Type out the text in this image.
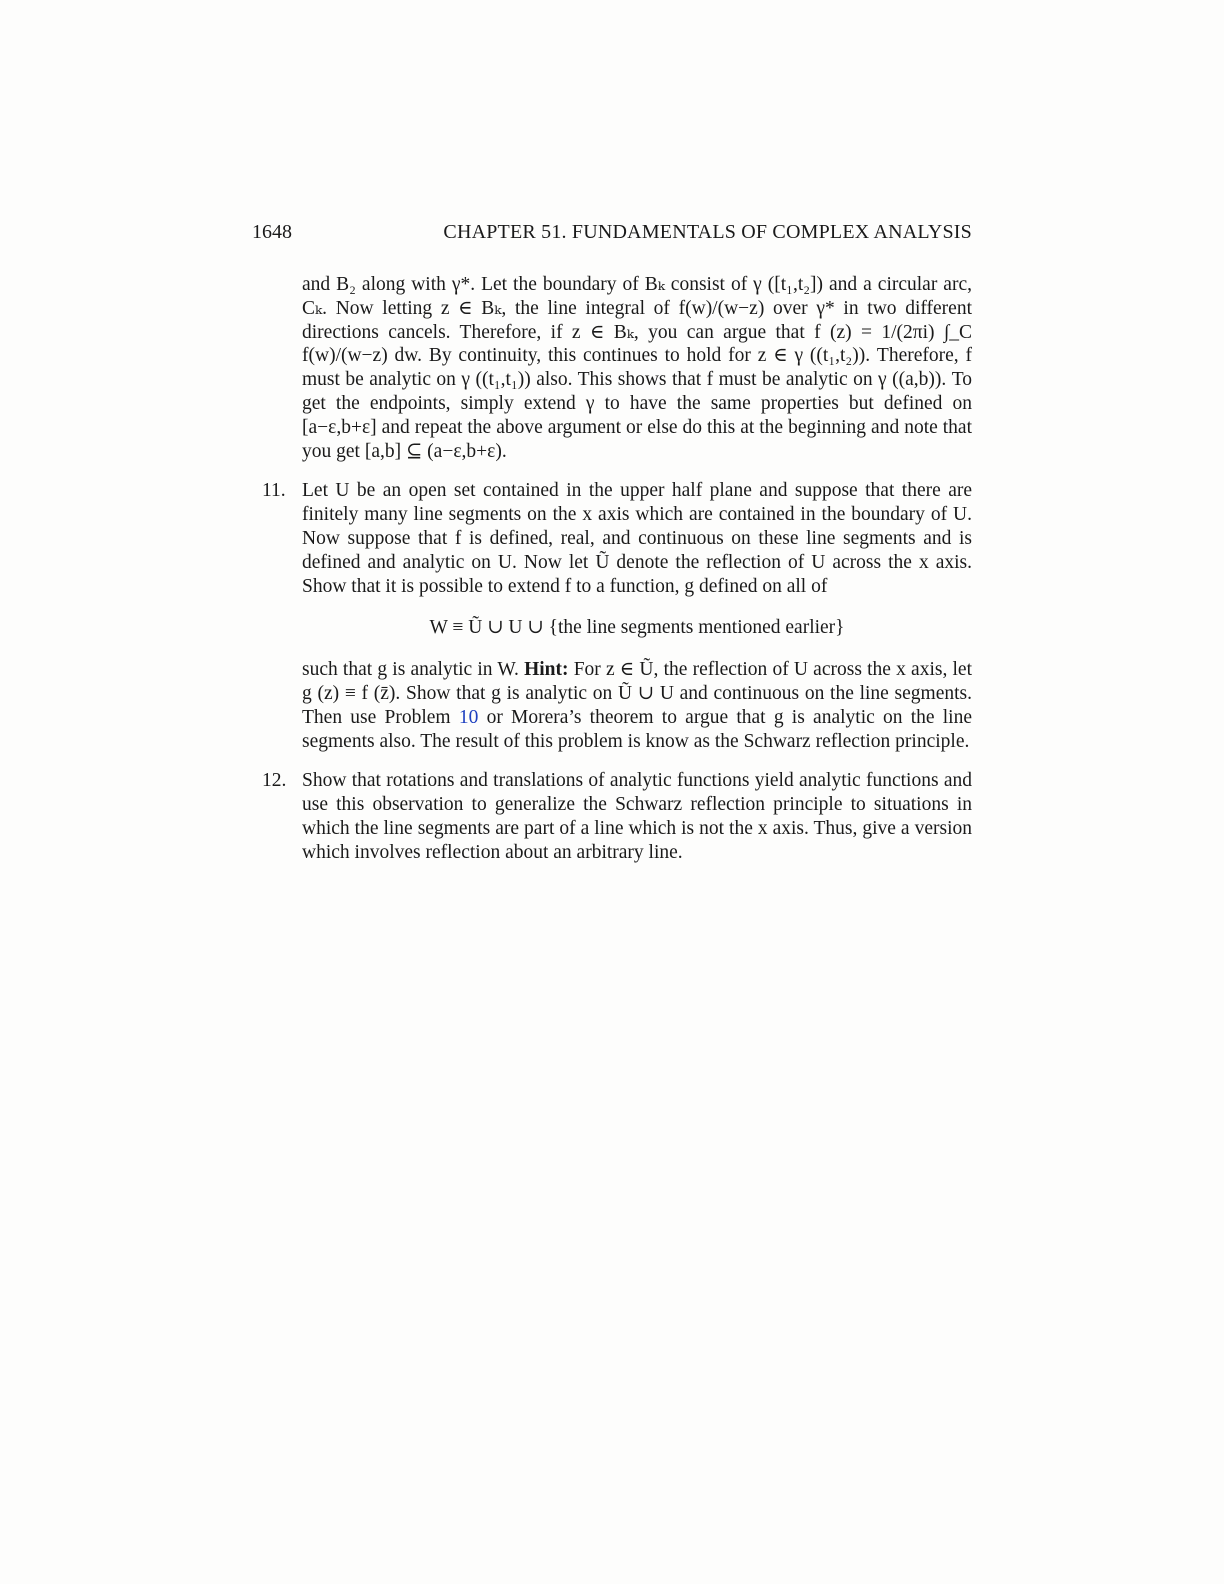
1648	CHAPTER 51. FUNDAMENTALS OF COMPLEX ANALYSIS

and B₂ along with γ*. Let the boundary of Bₖ consist of γ ([t₁,t₂]) and a circular arc, Cₖ. Now letting z ∈ Bₖ, the line integral of f(w)/(w−z) over γ* in two different directions cancels. Therefore, if z ∈ Bₖ, you can argue that f (z) = 1/(2πi) ∫_C f(w)/(w−z) dw. By continuity, this continues to hold for z ∈ γ ((t₁,t₂)). Therefore, f must be analytic on γ ((t₁,t₁)) also. This shows that f must be analytic on γ ((a,b)). To get the endpoints, simply extend γ to have the same properties but defined on [a−ε,b+ε] and repeat the above argument or else do this at the beginning and note that you get [a,b] ⊆ (a−ε,b+ε).

11. Let U be an open set contained in the upper half plane and suppose that there are finitely many line segments on the x axis which are contained in the boundary of U. Now suppose that f is defined, real, and continuous on these line segments and is defined and analytic on U. Now let Ũ denote the reflection of U across the x axis. Show that it is possible to extend f to a function, g defined on all of

W ≡ Ũ ∪ U ∪ {the line segments mentioned earlier}

such that g is analytic in W. Hint: For z ∈ Ũ, the reflection of U across the x axis, let g (z) ≡ f (z̄). Show that g is analytic on Ũ ∪ U and continuous on the line segments. Then use Problem 10 or Morera’s theorem to argue that g is analytic on the line segments also. The result of this problem is know as the Schwarz reflection principle.

12. Show that rotations and translations of analytic functions yield analytic functions and use this observation to generalize the Schwarz reflection principle to situations in which the line segments are part of a line which is not the x axis. Thus, give a version which involves reflection about an arbitrary line.
